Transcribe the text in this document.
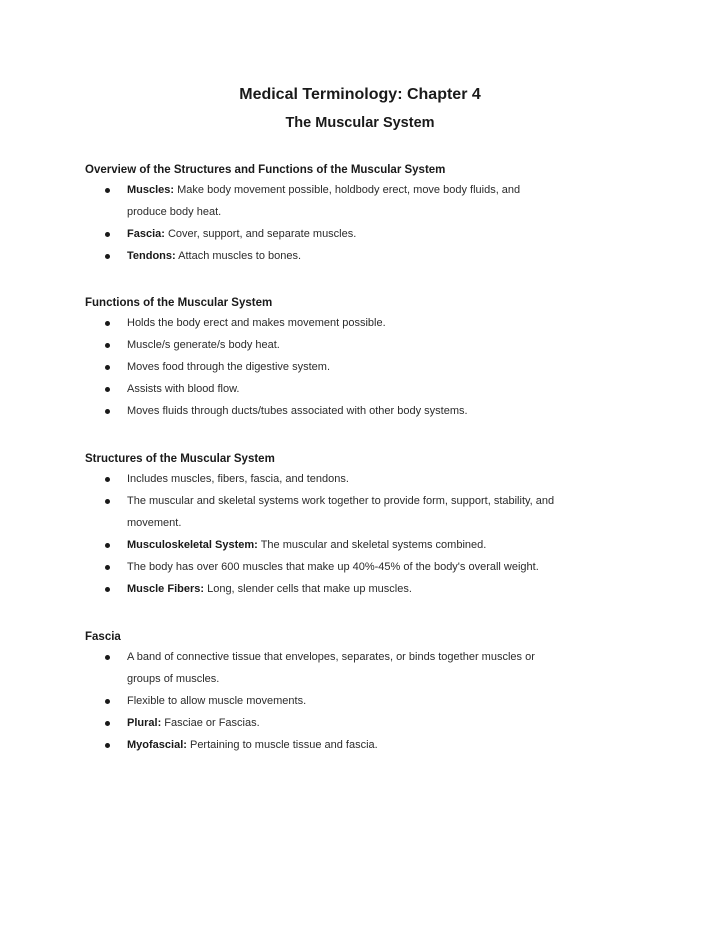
Medical Terminology: Chapter 4
The Muscular System
Overview of the Structures and Functions of the Muscular System
Muscles: Make body movement possible, holdbody erect, move body fluids, and
produce body heat.
Fascia: Cover, support, and separate muscles.
Tendons: Attach muscles to bones.
Functions of the Muscular System
Holds the body erect and makes movement possible.
Muscle/s generate/s body heat.
Moves food through the digestive system.
Assists with blood flow.
Moves fluids through ducts/tubes associated with other body systems.
Structures of the Muscular System
Includes muscles, fibers, fascia, and tendons.
The muscular and skeletal systems work together to provide form, support, stability, and
movement.
Musculoskeletal System: The muscular and skeletal systems combined.
The body has over 600 muscles that make up 40%-45% of the body's overall weight.
Muscle Fibers: Long, slender cells that make up muscles.
Fascia
A band of connective tissue that envelopes, separates, or binds together muscles or
groups of muscles.
Flexible to allow muscle movements.
Plural: Fasciae or Fascias.
Myofascial: Pertaining to muscle tissue and fascia.
